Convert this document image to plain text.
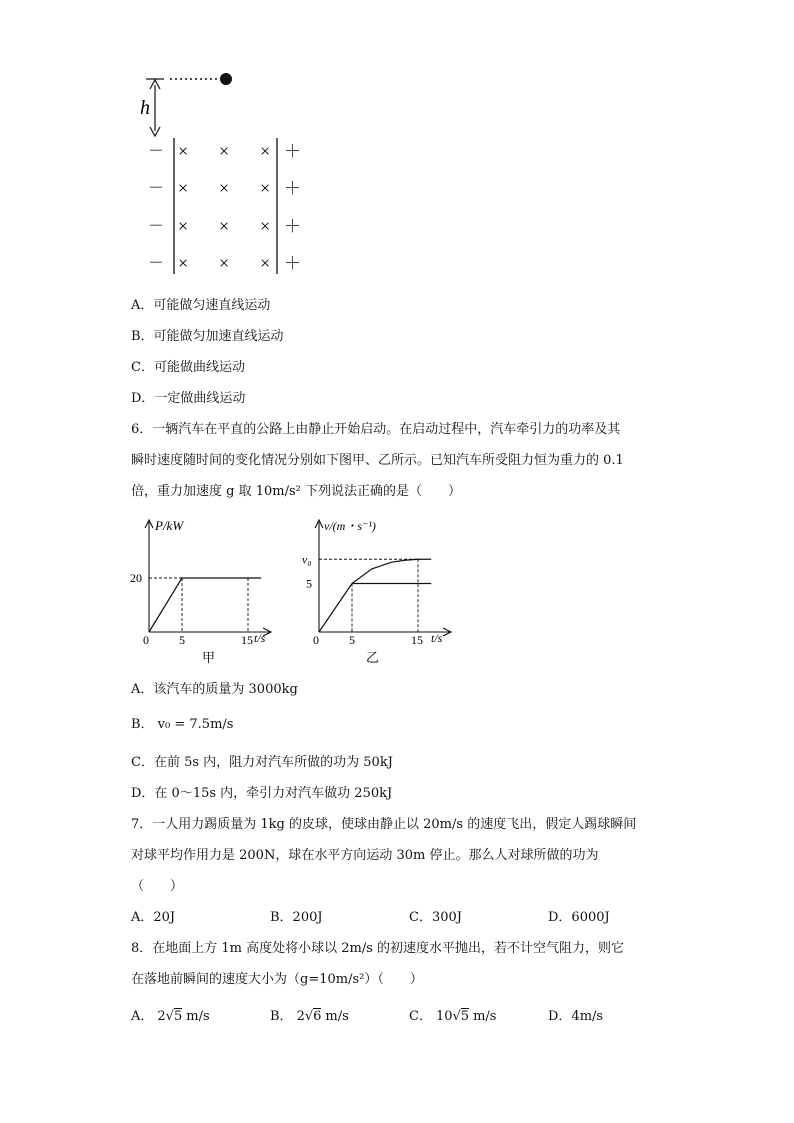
h
－
－
－
－
＋
＋
＋
＋
× × ×
× × ×
× × ×
× × ×
A．可能做匀速直线运动
B．可能做匀加速直线运动
C．可能做曲线运动
D．一定做曲线运动
6．一辆汽车在平直的公路上由静止开始启动。在启动过程中，汽车牵引力的功率及其
瞬时速度随时间的变化情况分别如下图甲、乙所示。已知汽车所受阻力恒为重力的 0.1
倍，重力加速度 g 取 10m/s² 下列说法正确的是（　　）
P/kW
t/s
0
20
5	15
甲
v/(m・s⁻¹)
t/s
0
5
v₀
5	15
乙
A．该汽车的质量为 3000kg
B． v₀ = 7.5m/s
C．在前 5s 内，阻力对汽车所做的功为 50kJ
D．在 0～15s 内，牵引力对汽车做功 250kJ
7．一人用力踢质量为 1kg 的皮球，使球由静止以 20m/s 的速度飞出，假定人踢球瞬间
对球平均作用力是 200N，球在水平方向运动 30m 停止。那么人对球所做的功为
（　　）
A．20J	B．200J	C．300J	D．6000J
8．在地面上方 1m 高度处将小球以 2m/s 的初速度水平抛出，若不计空气阻力，则它
在落地前瞬间的速度大小为（g=10m/s²）（　　）
A． 2√5 m/s	B． 2√6 m/s	C． 10√5 m/s	D．4m/s
